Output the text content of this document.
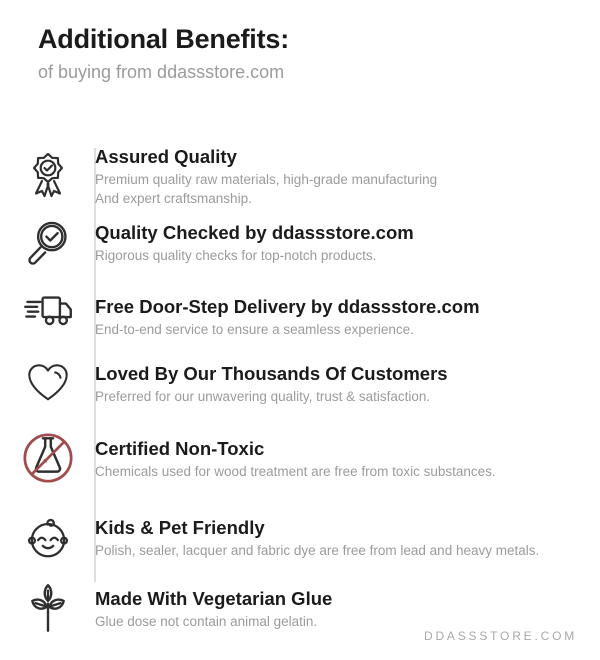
Additional Benefits:
of buying from ddassstore.com
Assured Quality

Premium quality raw materials, high-grade manufacturing

And expert craftsmanship.

Quality Checked by ddassstore.com

Rigorous quality checks for top-notch products.

Free Door-Step Delivery by ddassstore.com

End-to-end service to ensure a seamless experience.

Loved By Our Thousands Of Customers

Preferred for our unwavering quality, trust & satisfaction.

Certified Non-Toxic

Chemicals used for wood treatment are free from toxic substances.

Kids & Pet Friendly

Polish, sealer, lacquer and fabric dye are free from lead and heavy metals.

Made With Vegetarian Glue

Glue dose not contain animal gelatin.

DDASSSTORE.COM
